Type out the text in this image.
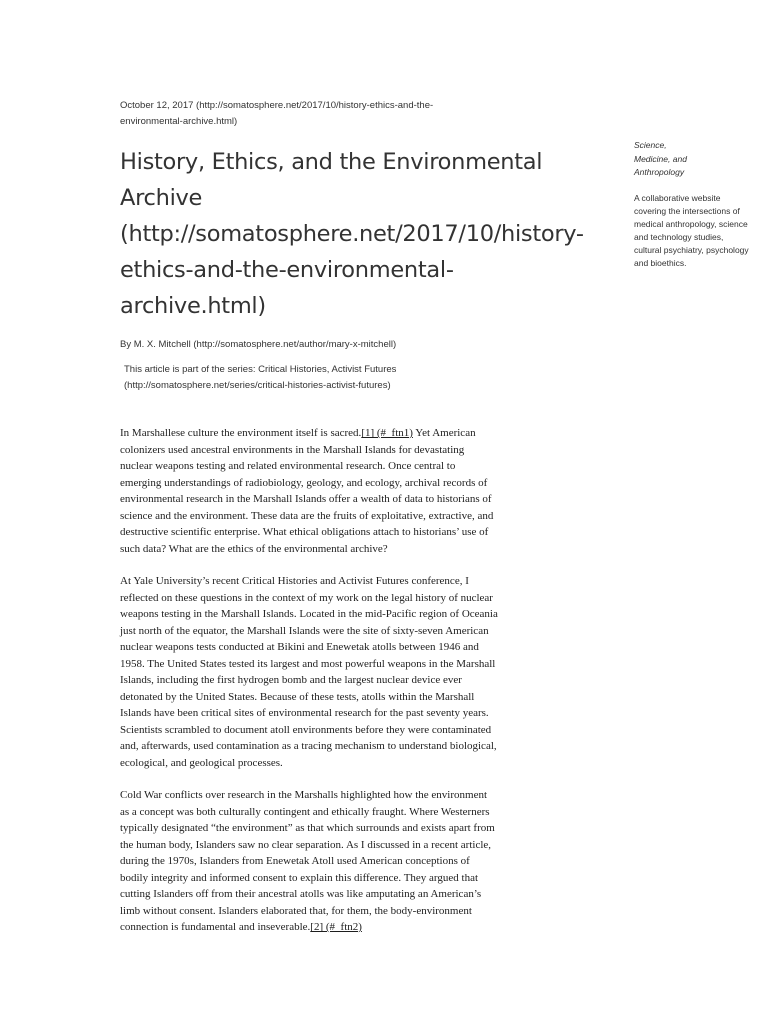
October 12, 2017 (http://somatosphere.net/2017/10/history-ethics-and-the-environmental-archive.html)
History, Ethics, and the Environmental Archive (http://somatosphere.net/2017/10/history-ethics-and-the-environmental-archive.html)
By M. X. Mitchell (http://somatosphere.net/author/mary-x-mitchell)
This article is part of the series: Critical Histories, Activist Futures (http://somatosphere.net/series/critical-histories-activist-futures)

In Marshallese culture the environment itself is sacred.[1] (#_ftn1) Yet American colonizers used ancestral environments in the Marshall Islands for devastating nuclear weapons testing and related environmental research. Once central to emerging understandings of radiobiology, geology, and ecology, archival records of environmental research in the Marshall Islands offer a wealth of data to historians of science and the environment. These data are the fruits of exploitative, extractive, and destructive scientific enterprise. What ethical obligations attach to historians’ use of such data? What are the ethics of the environmental archive?

At Yale University’s recent Critical Histories and Activist Futures conference, I reflected on these questions in the context of my work on the legal history of nuclear weapons testing in the Marshall Islands. Located in the mid-Pacific region of Oceania just north of the equator, the Marshall Islands were the site of sixty-seven American nuclear weapons tests conducted at Bikini and Enewetak atolls between 1946 and 1958. The United States tested its largest and most powerful weapons in the Marshall Islands, including the first hydrogen bomb and the largest nuclear device ever detonated by the United States. Because of these tests, atolls within the Marshall Islands have been critical sites of environmental research for the past seventy years. Scientists scrambled to document atoll environments before they were contaminated and, afterwards, used contamination as a tracing mechanism to understand biological, ecological, and geological processes.

Cold War conflicts over research in the Marshalls highlighted how the environment as a concept was both culturally contingent and ethically fraught. Where Westerners typically designated “the environment” as that which surrounds and exists apart from the human body, Islanders saw no clear separation. As I discussed in a recent article, during the 1970s, Islanders from Enewetak Atoll used American conceptions of bodily integrity and informed consent to explain this difference. They argued that cutting Islanders off from their ancestral atolls was like amputating an American’s limb without consent. Islanders elaborated that, for them, the body-environment connection is fundamental and inseverable.[2] (#_ftn2)

Science,
Medicine, and
Anthropology
A collaborative website covering the intersections of medical anthropology, science and technology studies, cultural psychiatry, psychology and bioethics.
